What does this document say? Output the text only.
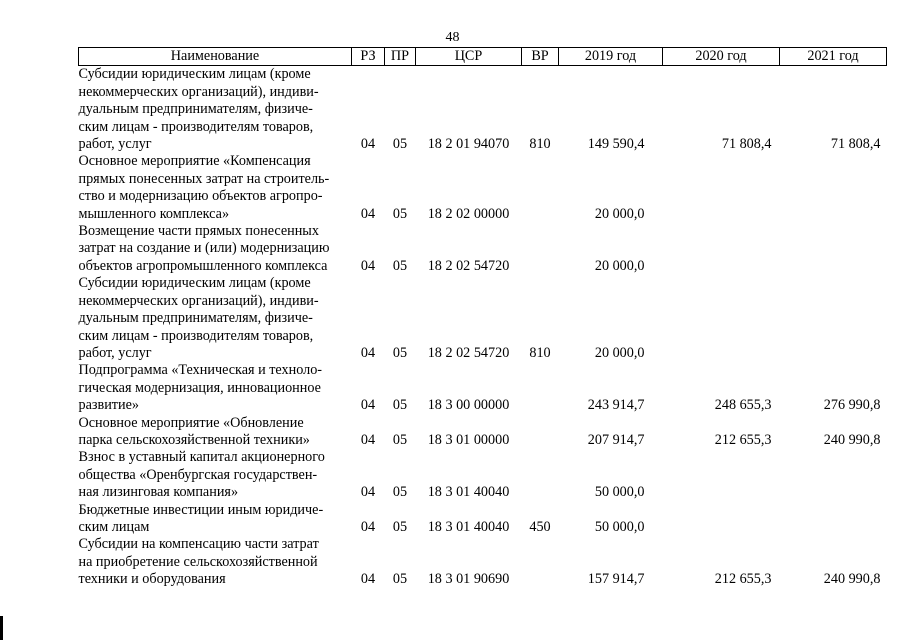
48
Наименование	РЗ	ПР	ЦСР	ВР	2019 год	2020 год	2021 год
Субсидии юридическим лицам (кроме
некоммерческих организаций), индиви-
дуальным предпринимателям, физиче-
ским лицам - производителям товаров,
работ, услуг	04	05	18 2 01 94070	810	149 590,4	71 808,4	71 808,4
Основное мероприятие «Компенсация
прямых понесенных затрат на строитель-
ство и модернизацию объектов агропро-
мышленного комплекса»	04	05	18 2 02 00000		20 000,0		
Возмещение части прямых понесенных
затрат на создание и (или) модернизацию
объектов агропромышленного комплекса	04	05	18 2 02 54720		20 000,0		
Субсидии юридическим лицам (кроме
некоммерческих организаций), индиви-
дуальным предпринимателям, физиче-
ским лицам - производителям товаров,
работ, услуг	04	05	18 2 02 54720	810	20 000,0		
Подпрограмма «Техническая и техноло-
гическая модернизация, инновационное
развитие»	04	05	18 3 00 00000		243 914,7	248 655,3	276 990,8
Основное мероприятие «Обновление
парка сельскохозяйственной техники»	04	05	18 3 01 00000		207 914,7	212 655,3	240 990,8
Взнос в уставный капитал акционерного
общества «Оренбургская государствен-
ная лизинговая компания»	04	05	18 3 01 40040		50 000,0		
Бюджетные инвестиции иным юридиче-
ским лицам	04	05	18 3 01 40040	450	50 000,0		
Субсидии на компенсацию части затрат
на приобретение сельскохозяйственной
техники и оборудования	04	05	18 3 01 90690		157 914,7	212 655,3	240 990,8
